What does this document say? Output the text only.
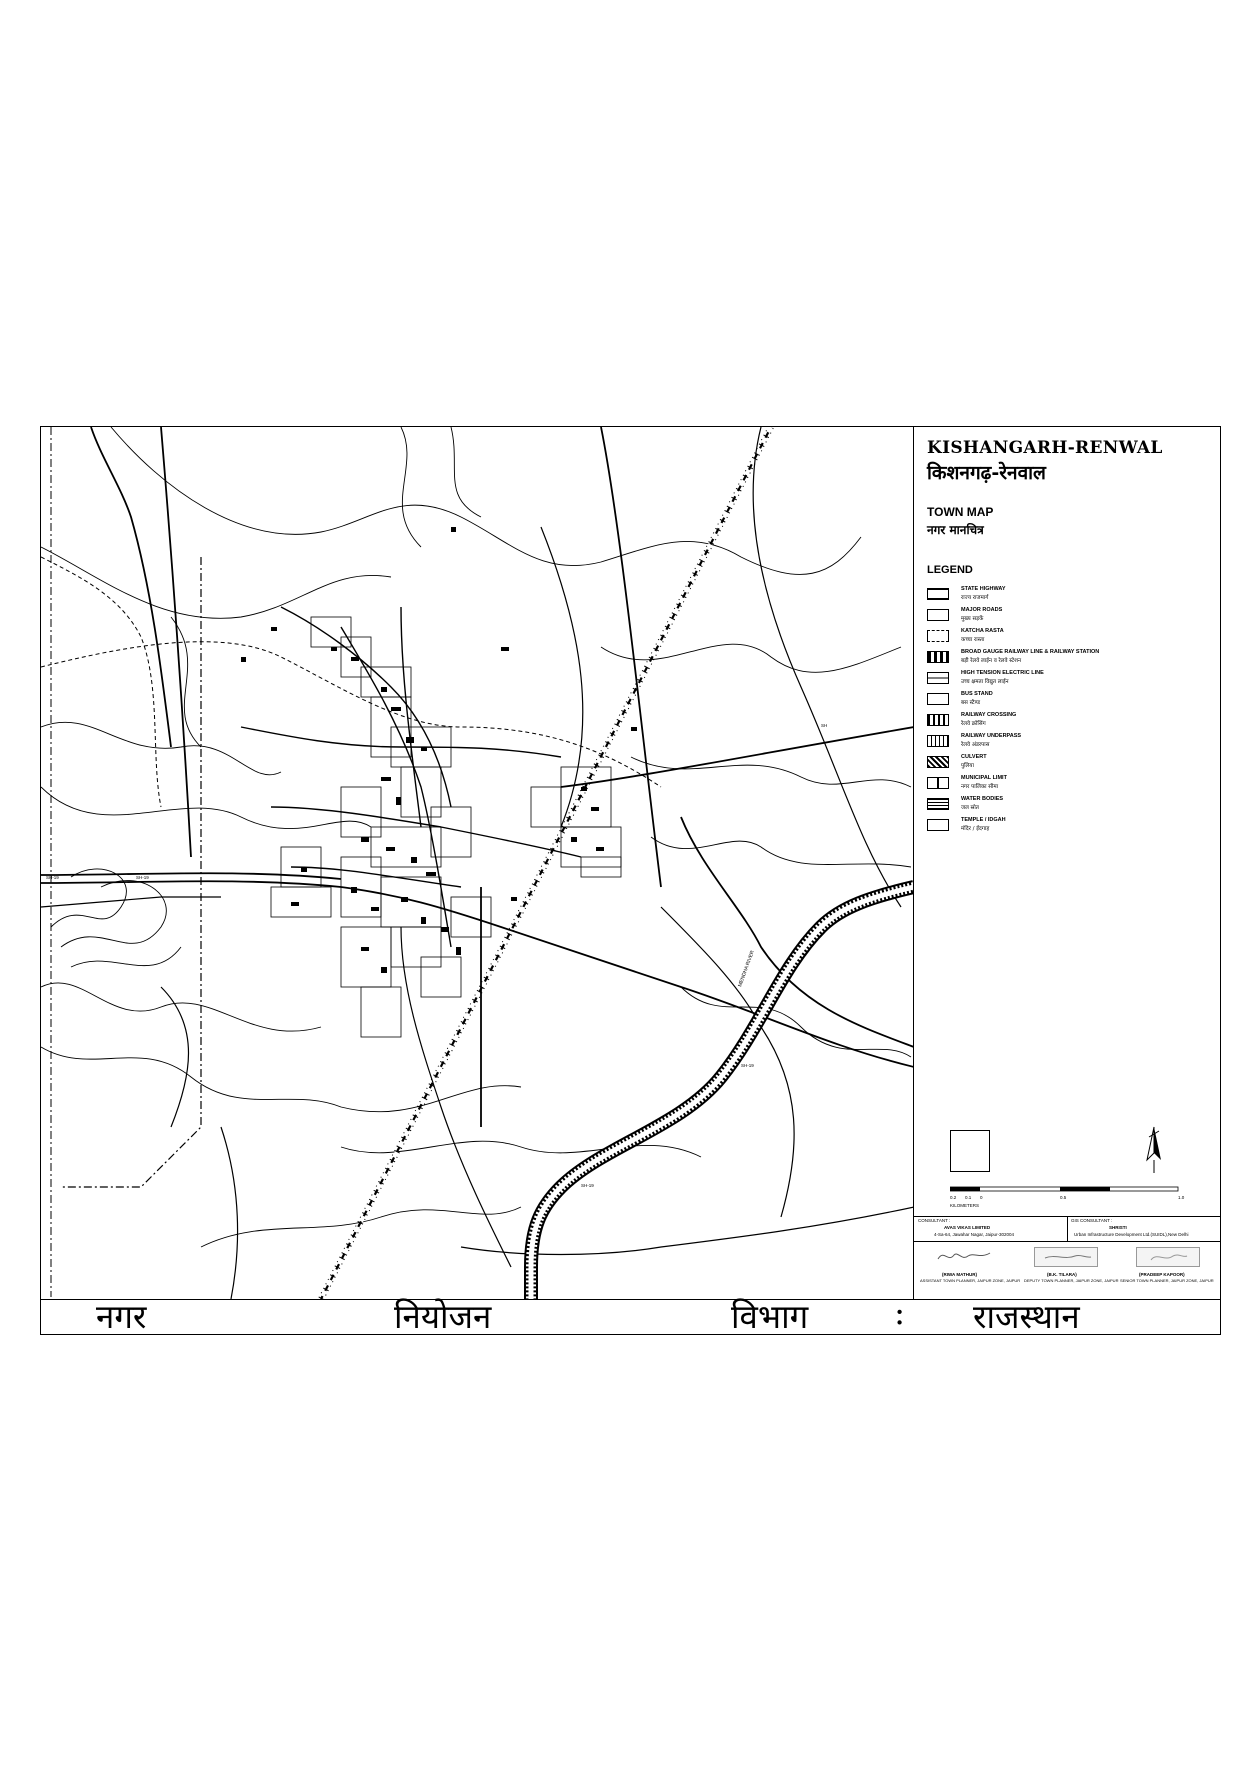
MENDHA RIVER
SH-19	SH-19
SH
SH-19
SH-19
KISHANGARH-RENWAL
किशनगढ़-रेनवाल
TOWN MAP
नगर मानचित्र
LEGEND
STATE HIGHWAY
राज्य राजमार्ग
MAJOR ROADS
मुख्य सड़कें
KATCHA RASTA
कच्चा रास्ता
BROAD GAUGE RAILWAY LINE & RAILWAY STATION
बड़ी रेलवे लाईन व रेलवे स्टेशन
HIGH TENSION ELECTRIC LINE
उच्च क्षमता विद्युत लाईन
BUS STAND
बस स्टैण्ड
RAILWAY CROSSING
रेलवे क्रोसिंग
RAILWAY UNDERPASS
रेलवे अंडरपास
CULVERT
पुलिया
MUNICIPAL LIMIT
नगर पालिका सीमा
WATER BODIES
जल स्रोत
TEMPLE / IDGAH
मंदिर / ईदगाह
0.2 0.1 0	0.5	1.0
KILOMETERS
CONSULTANT :
AVAS VIKAS LIMITED
4-Sa-64, Jawahar Nagar, Jaipur-302004
GIS CONSULTANT :
SHRISTI
Urban Infrastructure Development Ltd.(SUIDL),New Delhi
(RIWA MATHUR)
ASSISTANT TOWN PLANNER, JAIPUR ZONE, JAIPUR
(B.K. TILARA)
DEPUTY TOWN PLANNER, JAIPUR ZONE, JAIPUR
(PRADEEP KAPOOR)
SENIOR TOWN PLANNER, JAIPUR ZONE, JAIPUR
नगर	नियोजन	विभाग	: राजस्थान
